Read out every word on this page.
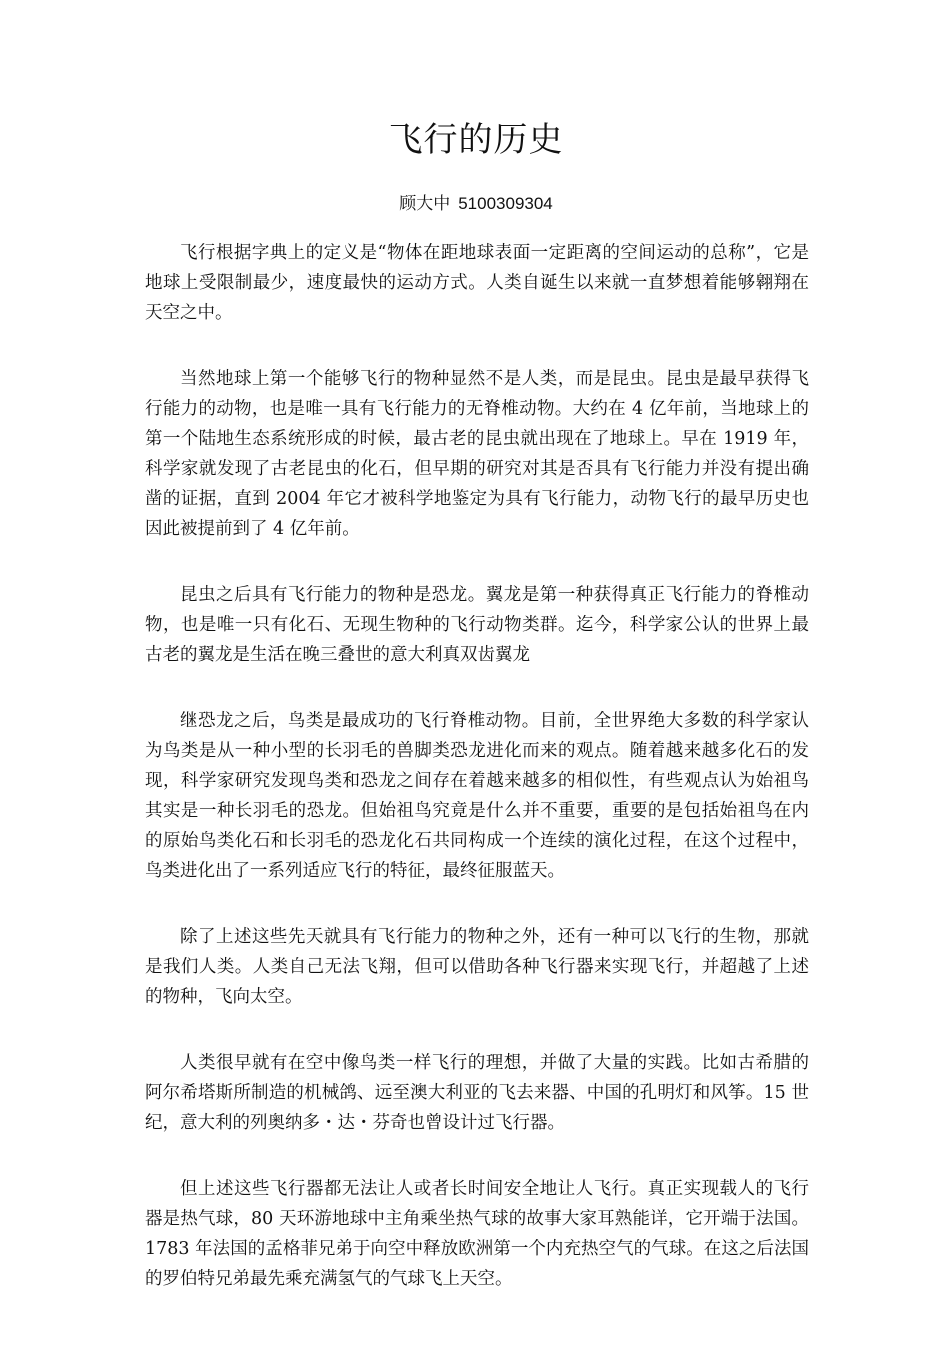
飞行的历史

顾大中 5100309304

飞行根据字典上的定义是“物体在距地球表面一定距离的空间运动的总称”，它是地球上受限制最少，速度最快的运动方式。人类自诞生以来就一直梦想着能够翱翔在天空之中。

当然地球上第一个能够飞行的物种显然不是人类，而是昆虫。昆虫是最早获得飞行能力的动物，也是唯一具有飞行能力的无脊椎动物。大约在 4 亿年前，当地球上的第一个陆地生态系统形成的时候，最古老的昆虫就出现在了地球上。早在 1919 年，科学家就发现了古老昆虫的化石，但早期的研究对其是否具有飞行能力并没有提出确凿的证据，直到 2004 年它才被科学地鉴定为具有飞行能力，动物飞行的最早历史也因此被提前到了 4 亿年前。

昆虫之后具有飞行能力的物种是恐龙。翼龙是第一种获得真正飞行能力的脊椎动物，也是唯一只有化石、无现生物种的飞行动物类群。迄今，科学家公认的世界上最古老的翼龙是生活在晚三叠世的意大利真双齿翼龙

继恐龙之后，鸟类是最成功的飞行脊椎动物。目前，全世界绝大多数的科学家认为鸟类是从一种小型的长羽毛的兽脚类恐龙进化而来的观点。随着越来越多化石的发现，科学家研究发现鸟类和恐龙之间存在着越来越多的相似性，有些观点认为始祖鸟其实是一种长羽毛的恐龙。但始祖鸟究竟是什么并不重要，重要的是包括始祖鸟在内的原始鸟类化石和长羽毛的恐龙化石共同构成一个连续的演化过程，在这个过程中，鸟类进化出了一系列适应飞行的特征，最终征服蓝天。

除了上述这些先天就具有飞行能力的物种之外，还有一种可以飞行的生物，那就是我们人类。人类自己无法飞翔，但可以借助各种飞行器来实现飞行，并超越了上述的物种，飞向太空。

人类很早就有在空中像鸟类一样飞行的理想，并做了大量的实践。比如古希腊的阿尔希塔斯所制造的机械鸽、远至澳大利亚的飞去来器、中国的孔明灯和风筝。15 世纪，意大利的列奥纳多・达・芬奇也曾设计过飞行器。

但上述这些飞行器都无法让人或者长时间安全地让人飞行。真正实现载人的飞行器是热气球，80 天环游地球中主角乘坐热气球的故事大家耳熟能详，它开端于法国。1783 年法国的孟格菲兄弟于向空中释放欧洲第一个内充热空气的气球。在这之后法国的罗伯特兄弟最先乘充满氢气的气球飞上天空。
